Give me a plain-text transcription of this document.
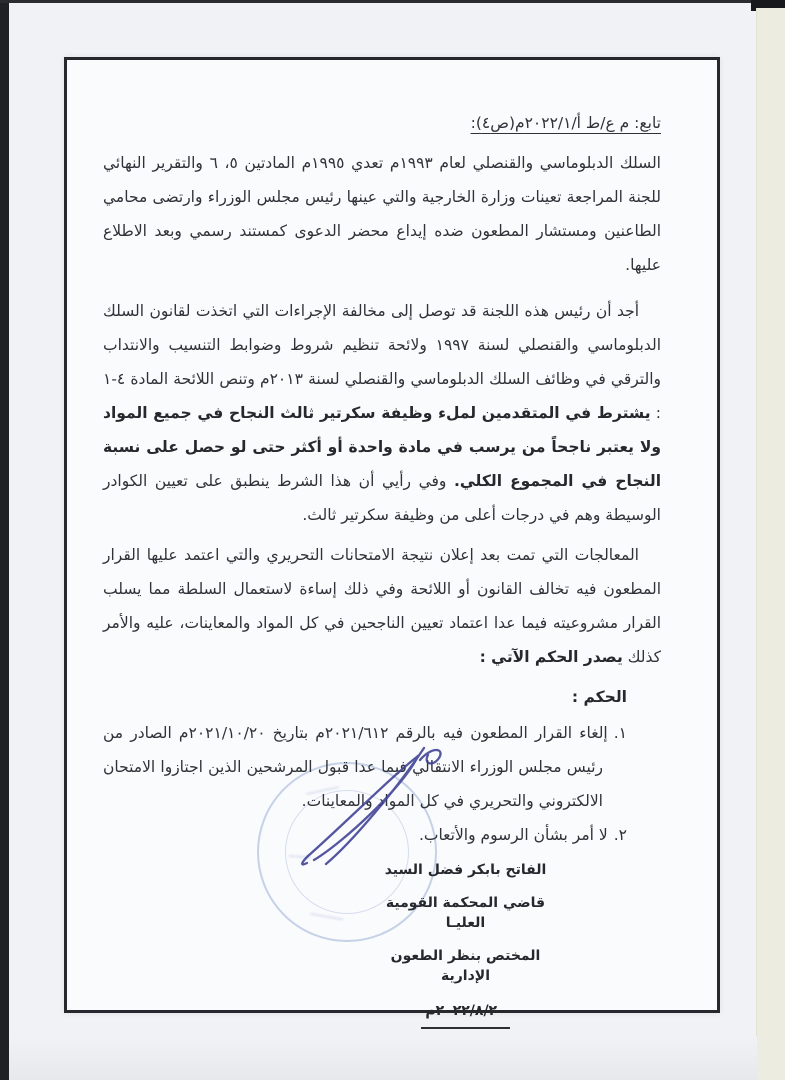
تابع: م ع/ط أ/٢٠٢٢/١م(ص٤):

السلك الدبلوماسي والقنصلي لعام ١٩٩٣م تعدي ١٩٩٥م المادتين ٥، ٦ والتقرير النهائي للجنة المراجعة تعينات وزارة الخارجية والتي عينها رئيس مجلس الوزراء وارتضى محامي الطاعنين ومستشار المطعون ضده إيداع محضر الدعوى كمستند رسمي وبعد الاطلاع عليها.

أجد أن رئيس هذه اللجنة قد توصل إلى مخالفة الإجراءات التي اتخذت لقانون السلك الدبلوماسي والقنصلي لسنة ١٩٩٧ ولائحة تنظيم شروط وضوابط التنسيب والانتداب والترقي في وظائف السلك الدبلوماسي والقنصلي لسنة ٢٠١٣م وتنص اللائحة المادة ٤-١ : يشترط في المتقدمين لملء وظيفة سكرتير ثالث النجاح في جميع المواد ولا يعتبر ناجحاً من يرسب في مادة واحدة أو أكثر حتى لو حصل على نسبة النجاح في المجموع الكلي. وفي رأيي أن هذا الشرط ينطبق على تعيين الكوادر الوسيطة وهم في درجات أعلى من وظيفة سكرتير ثالث.

المعالجات التي تمت بعد إعلان نتيجة الامتحانات التحريري والتي اعتمد عليها القرار المطعون فيه تخالف القانون أو اللائحة وفي ذلك إساءة لاستعمال السلطة مما يسلب القرار مشروعيته فيما عدا اعتماد تعيين الناجحين في كل المواد والمعاينات، عليه والأمر كذلك يصدر الحكم الآتي :

الحكم :
١.إلغاء القرار المطعون فيه بالرقم ٢٠٢١/٦١٢م بتاريخ ٢٠٢١/١٠/٢٠م الصادر من رئيس مجلس الوزراء الانتقالي فيما عدا قبول المرشحين الذين اجتازوا الامتحان الالكتروني والتحريري في كل المواد والمعاينات.
٢.لا أمر بشأن الرسوم والأتعاب.
الفاتح بابكر فضل السيد
قاضي المحكمة القومية العليـا
المختص بنظر الطعون الإدارية
٢٠٢٢/٨/٢٠م
﹏﹏﹏
﹏﹏
﹏﹏﹏
